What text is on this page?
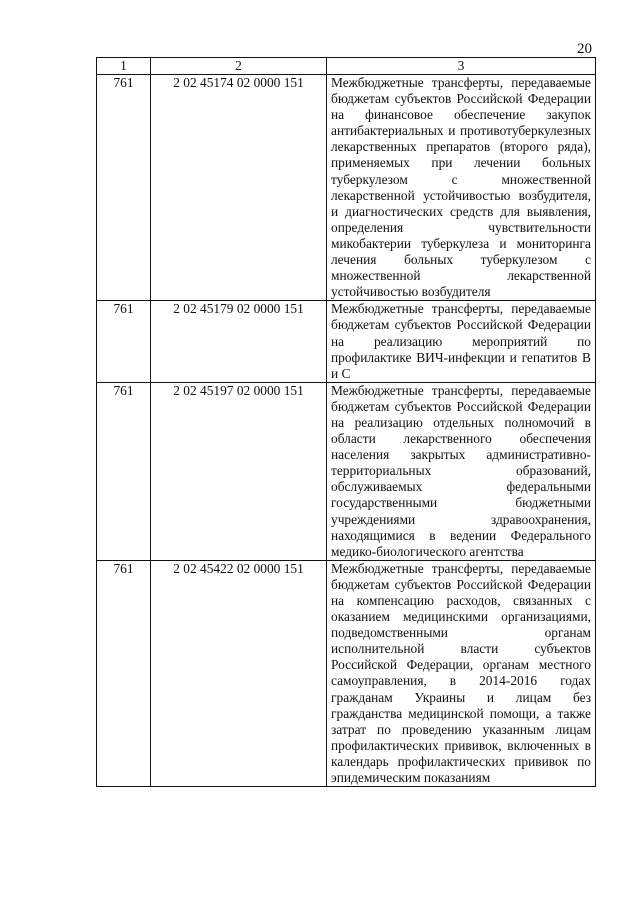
20
1	2	3
761	2 02 45174 02 0000 151	Межбюджетные трансферты, передаваемые бюджетам субъектов Российской Федерации на финансовое обеспечение закупок антибактериальных и противотуберкулезных лекарственных препаратов (второго ряда), применяемых при лечении больных туберкулезом с множественной лекарственной устойчивостью возбудителя, и диагностических средств для выявления, определения чувствительности микобактерии туберкулеза и мониторинга лечения больных туберкулезом с множественной лекарственной устойчивостью возбудителя
761	2 02 45179 02 0000 151	Межбюджетные трансферты, передаваемые бюджетам субъектов Российской Федерации на реализацию мероприятий по профилактике ВИЧ-инфекции и гепатитов В и С
761	2 02 45197 02 0000 151	Межбюджетные трансферты, передаваемые бюджетам субъектов Российской Федерации на реализацию отдельных полномочий в области лекарственного обеспечения населения закрытых административно-территориальных образований, обслуживаемых федеральными государственными бюджетными учреждениями здравоохранения, находящимися в ведении Федерального медико-биологического агентства
761	2 02 45422 02 0000 151	Межбюджетные трансферты, передаваемые бюджетам субъектов Российской Федерации на компенсацию расходов, связанных с оказанием медицинскими организациями, подведомственными органам исполнительной власти субъектов Российской Федерации, органам местного самоуправления, в 2014-2016 годах гражданам Украины и лицам без гражданства медицинской помощи, а также затрат по проведению указанным лицам профилактических прививок, включенных в календарь профилактических прививок по эпидемическим показаниям
